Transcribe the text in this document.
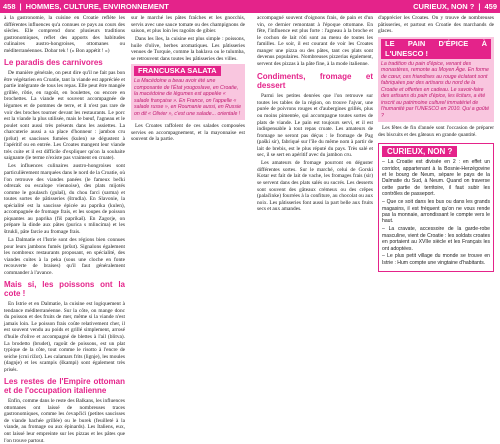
458 | HOMMES, CULTURE, ENVIRONNEMENT	CURIEUX, NON ? | 459

à la gastronomie, la cuisine en Croatie reflète les différentes influences qu'a connues ce pays au cours des siècles. Elle comprend donc plusieurs traditions gastronomiques, reflet des apports des habitudes culinaires austro-hongroises, ottomanes ou méditerranéennes. Dobar tek ! (« Bon appétit ! »)

Le paradis des carnivores

De manière générale, on peut dire qu'il ne fait pas bon être végétarien en Croatie, tant la viande est appréciée et partie intégrante de tous les repas. Elle peut être mangée grillée, rôtie, en ragoût, en boulettes, ou encore en brochettes. La viande est souvent accompagnée de légumes et de pommes de terre, et il n'est pas rare de voir des broches tourner devant les restaurants. Le porc est la viande la plus utilisée, mais le bœuf, l'agneau et le poulet sont aussi très présents dans les assiettes. La charcuterie aussi a sa place d'honneur : jambon cru (pršut) et saucisses fumées (kulen) se dégustent à l'apéritif ou en entrée. Les Croates mangent leur viande très cuite et il est difficile d'expliquer qu'on la souhaite saignante (le terme n'existe pas vraiment en croate).

Les influences culinaires austro-hongroises sont particulièrement marquées dans le nord de la Croatie, où l'on retrouve des viandes panées (le fameux bečki odrezak ou escalope viennoise), des plats mijotés comme le goulasch (gulaš), du chou farci (sarma) et toutes sortes de pâtisseries (štrudla). En Slavonie, la spécialité est la saucisse épicée au paprika (kulen), accompagnée de fromage frais, et les soupes de poisson piquantes au paprika (fiš paprikaš). En Zagorje, on prépare la dinde aux pâtes (purica s mlincima) et les štrukli, pâte farcie au fromage frais.

La Dalmatie et l'Istrie sont des régions bien connues pour leurs jambons fumés (pršut). Signalons également les nombreux restaurants proposant, en spécialité, des viandes cuites à la peka (sous une cloche en fonte recouverte de braises) qu'il faut généralement commander à l'avance.

Mais si, les poissons ont la cote !

En Istrie et en Dalmatie, la cuisine est logiquement à tendance méditerranéenne. Sur la côte, on mange donc du poisson et des fruits de mer, même si la viande n'est jamais loin. Le poisson frais coûte relativement cher, il est souvent vendu au poids et grillé simplement, arrosé d'huile d'olive et accompagné de blettes à l'ail (blitva). La brodetto (brudet), ragoût de poissons, est un plat typique de la côte, tout comme le risotto à l'encre de seiche (crni rižot). Les calamars frits (lignje), les moules (dagnje) et les scampis (škampi) sont également très prisés.

Les restes de l'Empire ottoman et de l'occupation italienne

Enfin, comme dans le reste des Balkans, les influences ottomanes ont laissé de nombreuses traces gastronomiques, comme les ćevapčići (petites saucisses de viande hachée grillée) ou le burek (feuilleté à la viande, au fromage ou aux épinards). Les Italiens, eux, ont laissé leur empreinte sur les pizzas et les pâtes que l'on trouve partout.

sur le marché les pâtes fraîches et les gnocchis, servis avec une sauce tomate ou des champignons de saison, et plus loin les ragoûts de gibier.

Dans les îles, la cuisine est plus simple : poissons, huile d'olive, herbes aromatiques. Les pâtisseries venues de Turquie, comme la baklava ou le tulumba, se retrouvent dans toutes les pâtisseries des villes.

FRANCUSKA SALATA
La Macédoine a beau avoir été une composante de l'État yougoslave, en Croatie, la macédoine de légumes est appelée « salade française ». En France, on l'appelle « salade russe », en Roumanie aussi, en Russie on dit « Olivier », c'est une salade... orientale !

Les Croates raffolent de ces salades composées servies en accompagnement, et la mayonnaise est souvent de la partie.

accompagné souvent d'oignons frais, de pain et d'un vin, ce dernier remontant à l'époque ottomane. En fête, l'influence est plus forte : l'agneau à la broche et le cochon de lait rôti sont au menu de toutes les familles. Le soir, il est courant de voir les Croates manger une pizza ou des pâtes, tant ces plats sont devenus populaires. Nombreuses pizzerias également, servent des pizzas à la pâte fine, à la mode italienne.

Condiments, fromage et dessert

Parmi les petites denrées que l'on retrouve sur toutes les tables de la région, on trouve l'ajvar, une purée de poivrons rouges et d'aubergines grillés, plus ou moins pimentée, qui accompagne toutes sortes de plats de viande. Le pain est toujours servi, et il est indispensable à tout repas croate. Les amateurs de fromage ne seront pas déçus : le fromage de Pag (paški sir), fabriqué sur l'île du même nom à partir de lait de brebis, est le plus réputé du pays. Très salé et sec, il se sert en apéritif avec du jambon cru.

Les amateurs de fromage pourront en déguster différentes sortes. Sur le marché, celui de Gorski Kotar est fait de lait de vache, les fromages frais (sir) se servent dans des plats salés ou sucrés. Les desserts sont souvent des gâteaux crémeux ou des crêpes (palačinke) fourrées à la confiture, au chocolat ou aux noix. Les pâtisseries font aussi la part belle aux fruits secs et aux amandes.

d'apprécier les Croates. On y trouve de nombreuses pâtisseries, et partout en Croatie des marchands de glaces.

LE PAIN D'ÉPICE À L'UNESCO !
La tradition du pain d'épice, venant des monastères, remonte au Moyen Âge. En forme de cœur, ces friandises au rouge éclatant sont fabriquées par des artisans du nord de la Croatie et offertes en cadeau. Le savoir-faire des artisans du pain d'épice, les licitars, a été inscrit au patrimoine culturel immatériel de l'humanité par l'UNESCO en 2010. Qui a goûté ?

Les fêtes de fin d'année sont l'occasion de préparer des biscuits et des gâteaux en grande quantité.

CURIEUX, NON ?

– La Croatie est divisée en 2 : en effet un corridor, appartenant à la Bosnie-Herzégovine et le bourg de Neum, sépare le pays de la Dalmatie du Sud, à Neum. Quand on traverse cette partie de territoire, il faut subir les contrôles de passeport.

– Que ce soit dans les bus ou dans les grands magasins, il est fréquent qu'on ne vous rende pas la monnaie, arrondissant le compte vers le haut.

– La cravate, accessoire de la garde-robe masculine, vient de Croatie : les soldats croates en portaient au XVIIe siècle et les Français les ont adoptées.

– Le plus petit village du monde se trouve en Istrie : Hum compte une vingtaine d'habitants.
